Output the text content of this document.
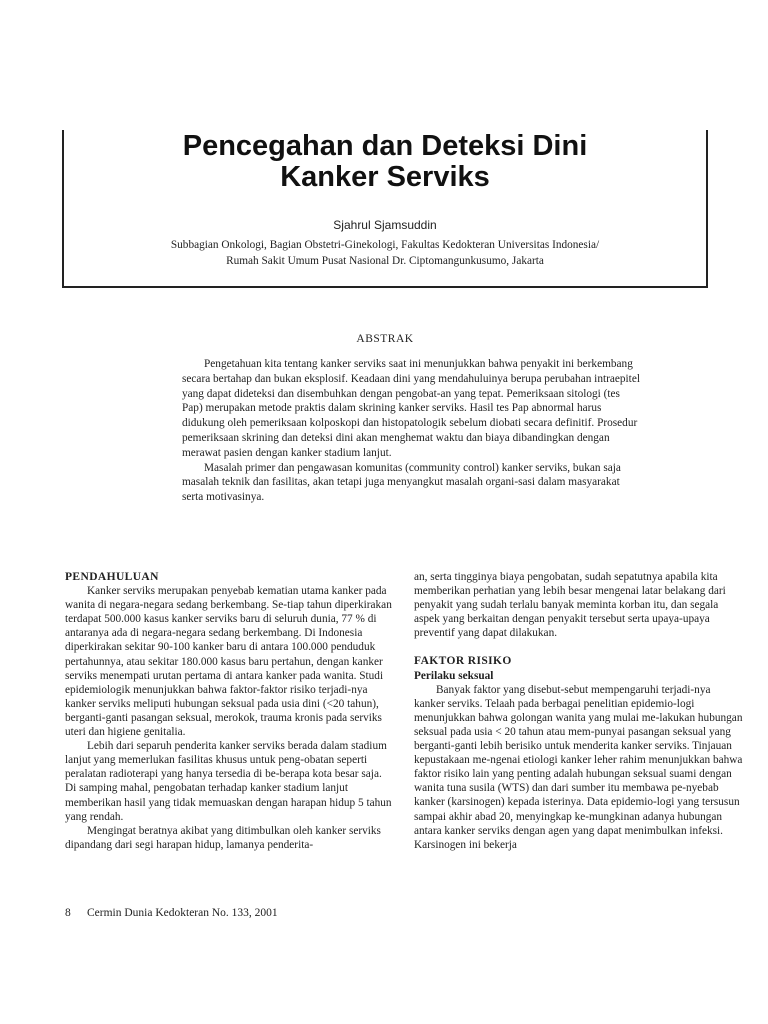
Pencegahan dan Deteksi Dini
Kanker Serviks
Sjahrul Sjamsuddin
Subbagian Onkologi, Bagian Obstetri-Ginekologi, Fakultas Kedokteran Universitas Indonesia/
Rumah Sakit Umum Pusat Nasional Dr. Ciptomangunkusumo, Jakarta
ABSTRAK

Pengetahuan kita tentang kanker serviks saat ini menunjukkan bahwa penyakit ini berkembang secara bertahap dan bukan eksplosif. Keadaan dini yang mendahuluinya berupa perubahan intraepitel yang dapat dideteksi dan disembuhkan dengan pengobat-an yang tepat. Pemeriksaan sitologi (tes Pap) merupakan metode praktis dalam skrining kanker serviks. Hasil tes Pap abnormal harus didukung oleh pemeriksaan kolposkopi dan histopatologik sebelum diobati secara definitif. Prosedur pemeriksaan skrining dan deteksi dini akan menghemat waktu dan biaya dibandingkan dengan merawat pasien dengan kanker stadium lanjut.

Masalah primer dan pengawasan komunitas (community control) kanker serviks, bukan saja masalah teknik dan fasilitas, akan tetapi juga menyangkut masalah organi-sasi dalam masyarakat serta motivasinya.

PENDAHULUAN

Kanker serviks merupakan penyebab kematian utama kanker pada wanita di negara-negara sedang berkembang. Se-tiap tahun diperkirakan terdapat 500.000 kasus kanker serviks baru di seluruh dunia, 77 % di antaranya ada di negara-negara sedang berkembang. Di Indonesia diperkirakan sekitar 90-100 kanker baru di antara 100.000 penduduk pertahunnya, atau sekitar 180.000 kasus baru pertahun, dengan kanker serviks menempati urutan pertama di antara kanker pada wanita. Studi epidemiologik menunjukkan bahwa faktor-faktor risiko terjadi-nya kanker serviks meliputi hubungan seksual pada usia dini (<20 tahun), berganti-ganti pasangan seksual, merokok, trauma kronis pada serviks uteri dan higiene genitalia.

Lebih dari separuh penderita kanker serviks berada dalam stadium lanjut yang memerlukan fasilitas khusus untuk peng-obatan seperti peralatan radioterapi yang hanya tersedia di be-berapa kota besar saja. Di samping mahal, pengobatan terhadap kanker stadium lanjut memberikan hasil yang tidak memuaskan dengan harapan hidup 5 tahun yang rendah.

Mengingat beratnya akibat yang ditimbulkan oleh kanker serviks dipandang dari segi harapan hidup, lamanya penderita-

an, serta tingginya biaya pengobatan, sudah sepatutnya apabila kita memberikan perhatian yang lebih besar mengenai latar belakang dari penyakit yang sudah terlalu banyak meminta korban itu, dan segala aspek yang berkaitan dengan penyakit tersebut serta upaya-upaya preventif yang dapat dilakukan.

FAKTOR RISIKO
Perilaku seksual

Banyak faktor yang disebut-sebut mempengaruhi terjadi-nya kanker serviks. Telaah pada berbagai penelitian epidemio-logi menunjukkan bahwa golongan wanita yang mulai me-lakukan hubungan seksual pada usia < 20 tahun atau mem-punyai pasangan seksual yang berganti-ganti lebih berisiko untuk menderita kanker serviks. Tinjauan kepustakaan me-ngenai etiologi kanker leher rahim menunjukkan bahwa faktor risiko lain yang penting adalah hubungan seksual suami dengan wanita tuna susila (WTS) dan dari sumber itu membawa pe-nyebab kanker (karsinogen) kepada isterinya. Data epidemio-logi yang tersusun sampai akhir abad 20, menyingkap ke-mungkinan adanya hubungan antara kanker serviks dengan agen yang dapat menimbulkan infeksi. Karsinogen ini bekerja

8 Cermin Dunia Kedokteran No. 133, 2001
